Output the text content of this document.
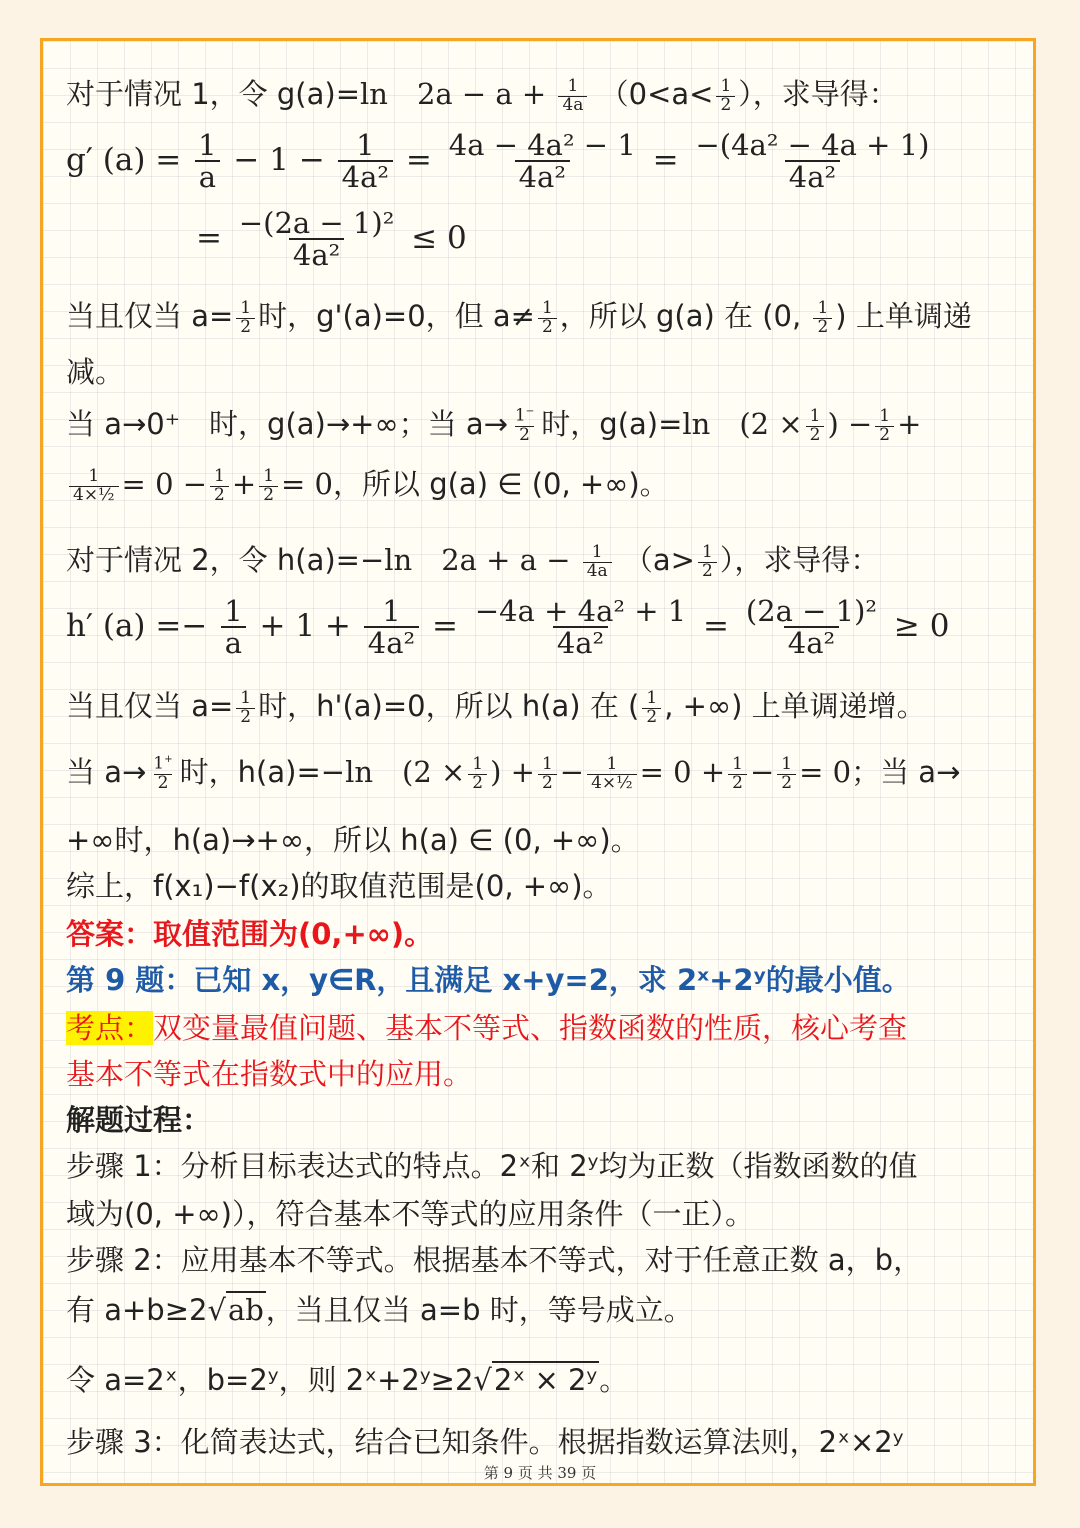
对于情况 1，令 g(a)=ln　$2a - a + \frac{1}{4a} (0<a< \frac{1}{2}$ ），求导得：
g′ $(a) = \frac{1}{a} - 1 - \frac{1}{\text{4a²}} = \frac{\text{4a − 4a² − 1}}{\text{4a²}} = \frac{\text{−(4a² − 4a + 1)}}{\text{4a²}}$
= $\frac{\text{−(2a − 1)²}}{\text{4a²}} \le 0$
当且仅当 $a= \frac{1}{2}$ 时，g'(a)=0，但 $a\ne \frac{1}{2}$ ，所以 g(a) 在 (0, $\frac{1}{2}$ ) 上单调递
减。
当 a→0⁺　时，g(a)→+∞；当 $a\to \frac{1^-}{2}$ 时，g(a)=ln　($2 \times \frac{1}{2}$ ) − $\frac{1}{2}$ +
$\frac{1}{\text{4×½}} = 0 - \frac{1}{2} + \frac{1}{2} = 0$，所以 g(a) ∈ (0, +∞)。
对于情况 2，令 h(a)=−ln　$2a + a - \frac{1}{4a} (a> \frac{1}{2}$ ），求导得：
h′ $(a) =- \frac{1}{a} + 1 + \frac{1}{\text{4a²}} = \frac{\text{−4a + 4a² + 1}}{\text{4a²}} = \frac{\text{(2a − 1)²}}{\text{4a²}} \ge 0$
当且仅当 $a= \frac{1}{2}$ 时，h'(a)=0，所以 h(a) 在 ( $\frac{1}{2}$ , +∞) 上单调递增。
当 $a\to \frac{1^+}{2}$ 时，h(a)=−ln　($2 \times \frac{1}{2}$ ) + $\frac{1}{2} - \frac{1}{\text{4×½}} = 0 + \frac{1}{2} - \frac{1}{2} = 0$；当 a→
+∞时，h(a)→+∞，所以 h(a) ∈ (0, +∞)。
综上，f(x₁)−f(x₂)的取值范围是(0, +∞)。
答案：取值范围为(0,+∞)。
第 9 题：已知 x，y∈R，且满足 x+y=2，求 2ˣ+2ʸ的最小值。
考点：双变量最值问题、基本不等式、指数函数的性质，核心考查
基本不等式在指数式中的应用。
解题过程：
步骤 1：分析目标表达式的特点。2ˣ和 2ʸ均为正数（指数函数的值
域为(0, +∞)），符合基本不等式的应用条件（一正）。
步骤 2：应用基本不等式。根据基本不等式，对于任意正数 a，b，
有 a+b≥2√ab，当且仅当 a=b 时，等号成立。
令 a=2ˣ，b=2ʸ，则 2ˣ+2ʸ≥2√2ˣ × 2ʸ。
步骤 3：化简表达式，结合已知条件。根据指数运算法则，2ˣ×2ʸ
第 9 页 共 39 页
